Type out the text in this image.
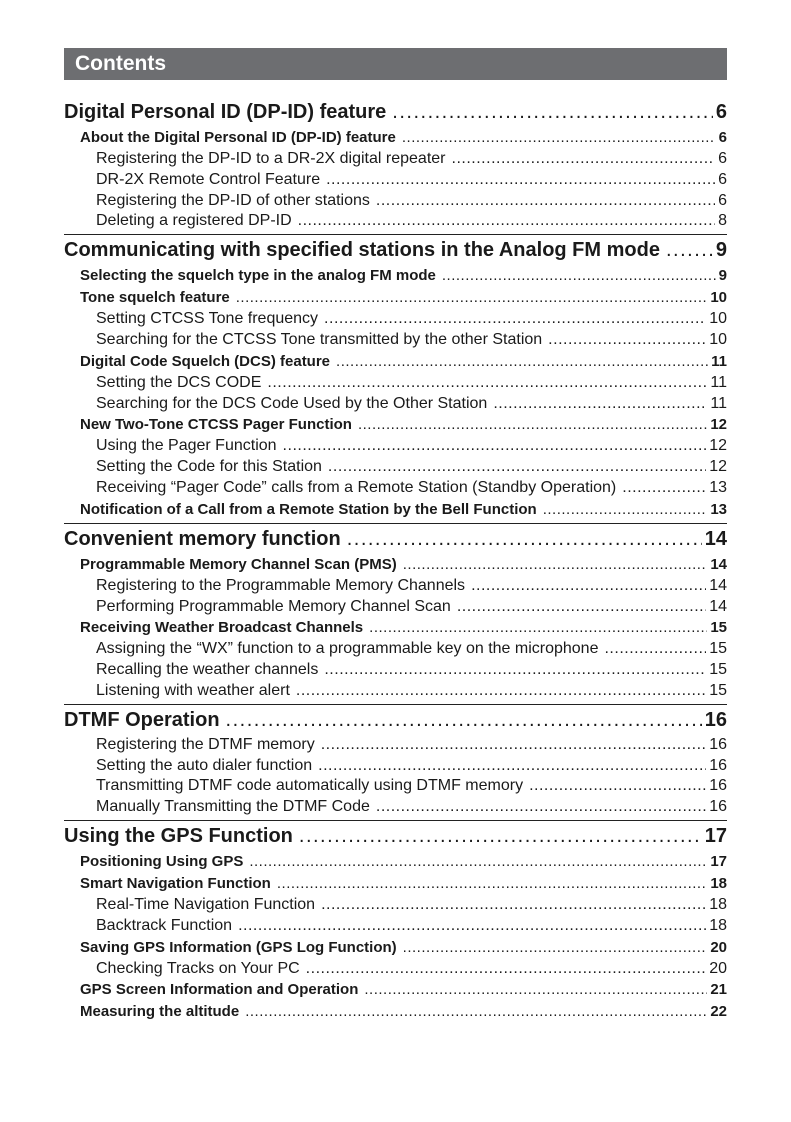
Contents
Digital Personal ID (DP-ID) feature .....	6
About the Digital Personal ID (DP-ID) feature .....	6
Registering the DP-ID to a DR-2X digital repeater .....	6
DR-2X Remote Control Feature .....	6
Registering the DP-ID of other stations .....	6
Deleting a registered DP-ID .....	8
Communicating with specified stations in the Analog FM mode .....	9
Selecting the squelch type in the analog FM mode .....	9
Tone squelch feature .....	10
Setting CTCSS Tone frequency .....	10
Searching for the CTCSS Tone transmitted by the other Station .....	10
Digital Code Squelch (DCS) feature .....	11
Setting the DCS CODE .....	11
Searching for the DCS Code Used by the Other Station .....	11
New Two-Tone CTCSS Pager Function .....	12
Using the Pager Function .....	12
Setting the Code for this Station .....	12
Receiving “Pager Code” calls from a Remote Station (Standby Operation) .....	13
Notification of a Call from a Remote Station by the Bell Function .....	13
Convenient memory function .....	14
Programmable Memory Channel Scan (PMS) .....	14
Registering to the Programmable Memory Channels .....	14
Performing Programmable Memory Channel Scan .....	14
Receiving Weather Broadcast Channels .....	15
Assigning the “WX” function to a programmable key on the microphone .....	15
Recalling the weather channels .....	15
Listening with weather alert .....	15
DTMF Operation .....	16
Registering the DTMF memory .....	16
Setting the auto dialer function .....	16
Transmitting DTMF code automatically using DTMF memory .....	16
Manually Transmitting the DTMF Code .....	16
Using the GPS Function .....	17
Positioning Using GPS .....	17
Smart Navigation Function .....	18
Real-Time Navigation Function .....	18
Backtrack Function .....	18
Saving GPS Information (GPS Log Function) .....	20
Checking Tracks on Your PC .....	20
GPS Screen Information and Operation .....	21
Measuring the altitude .....	22
